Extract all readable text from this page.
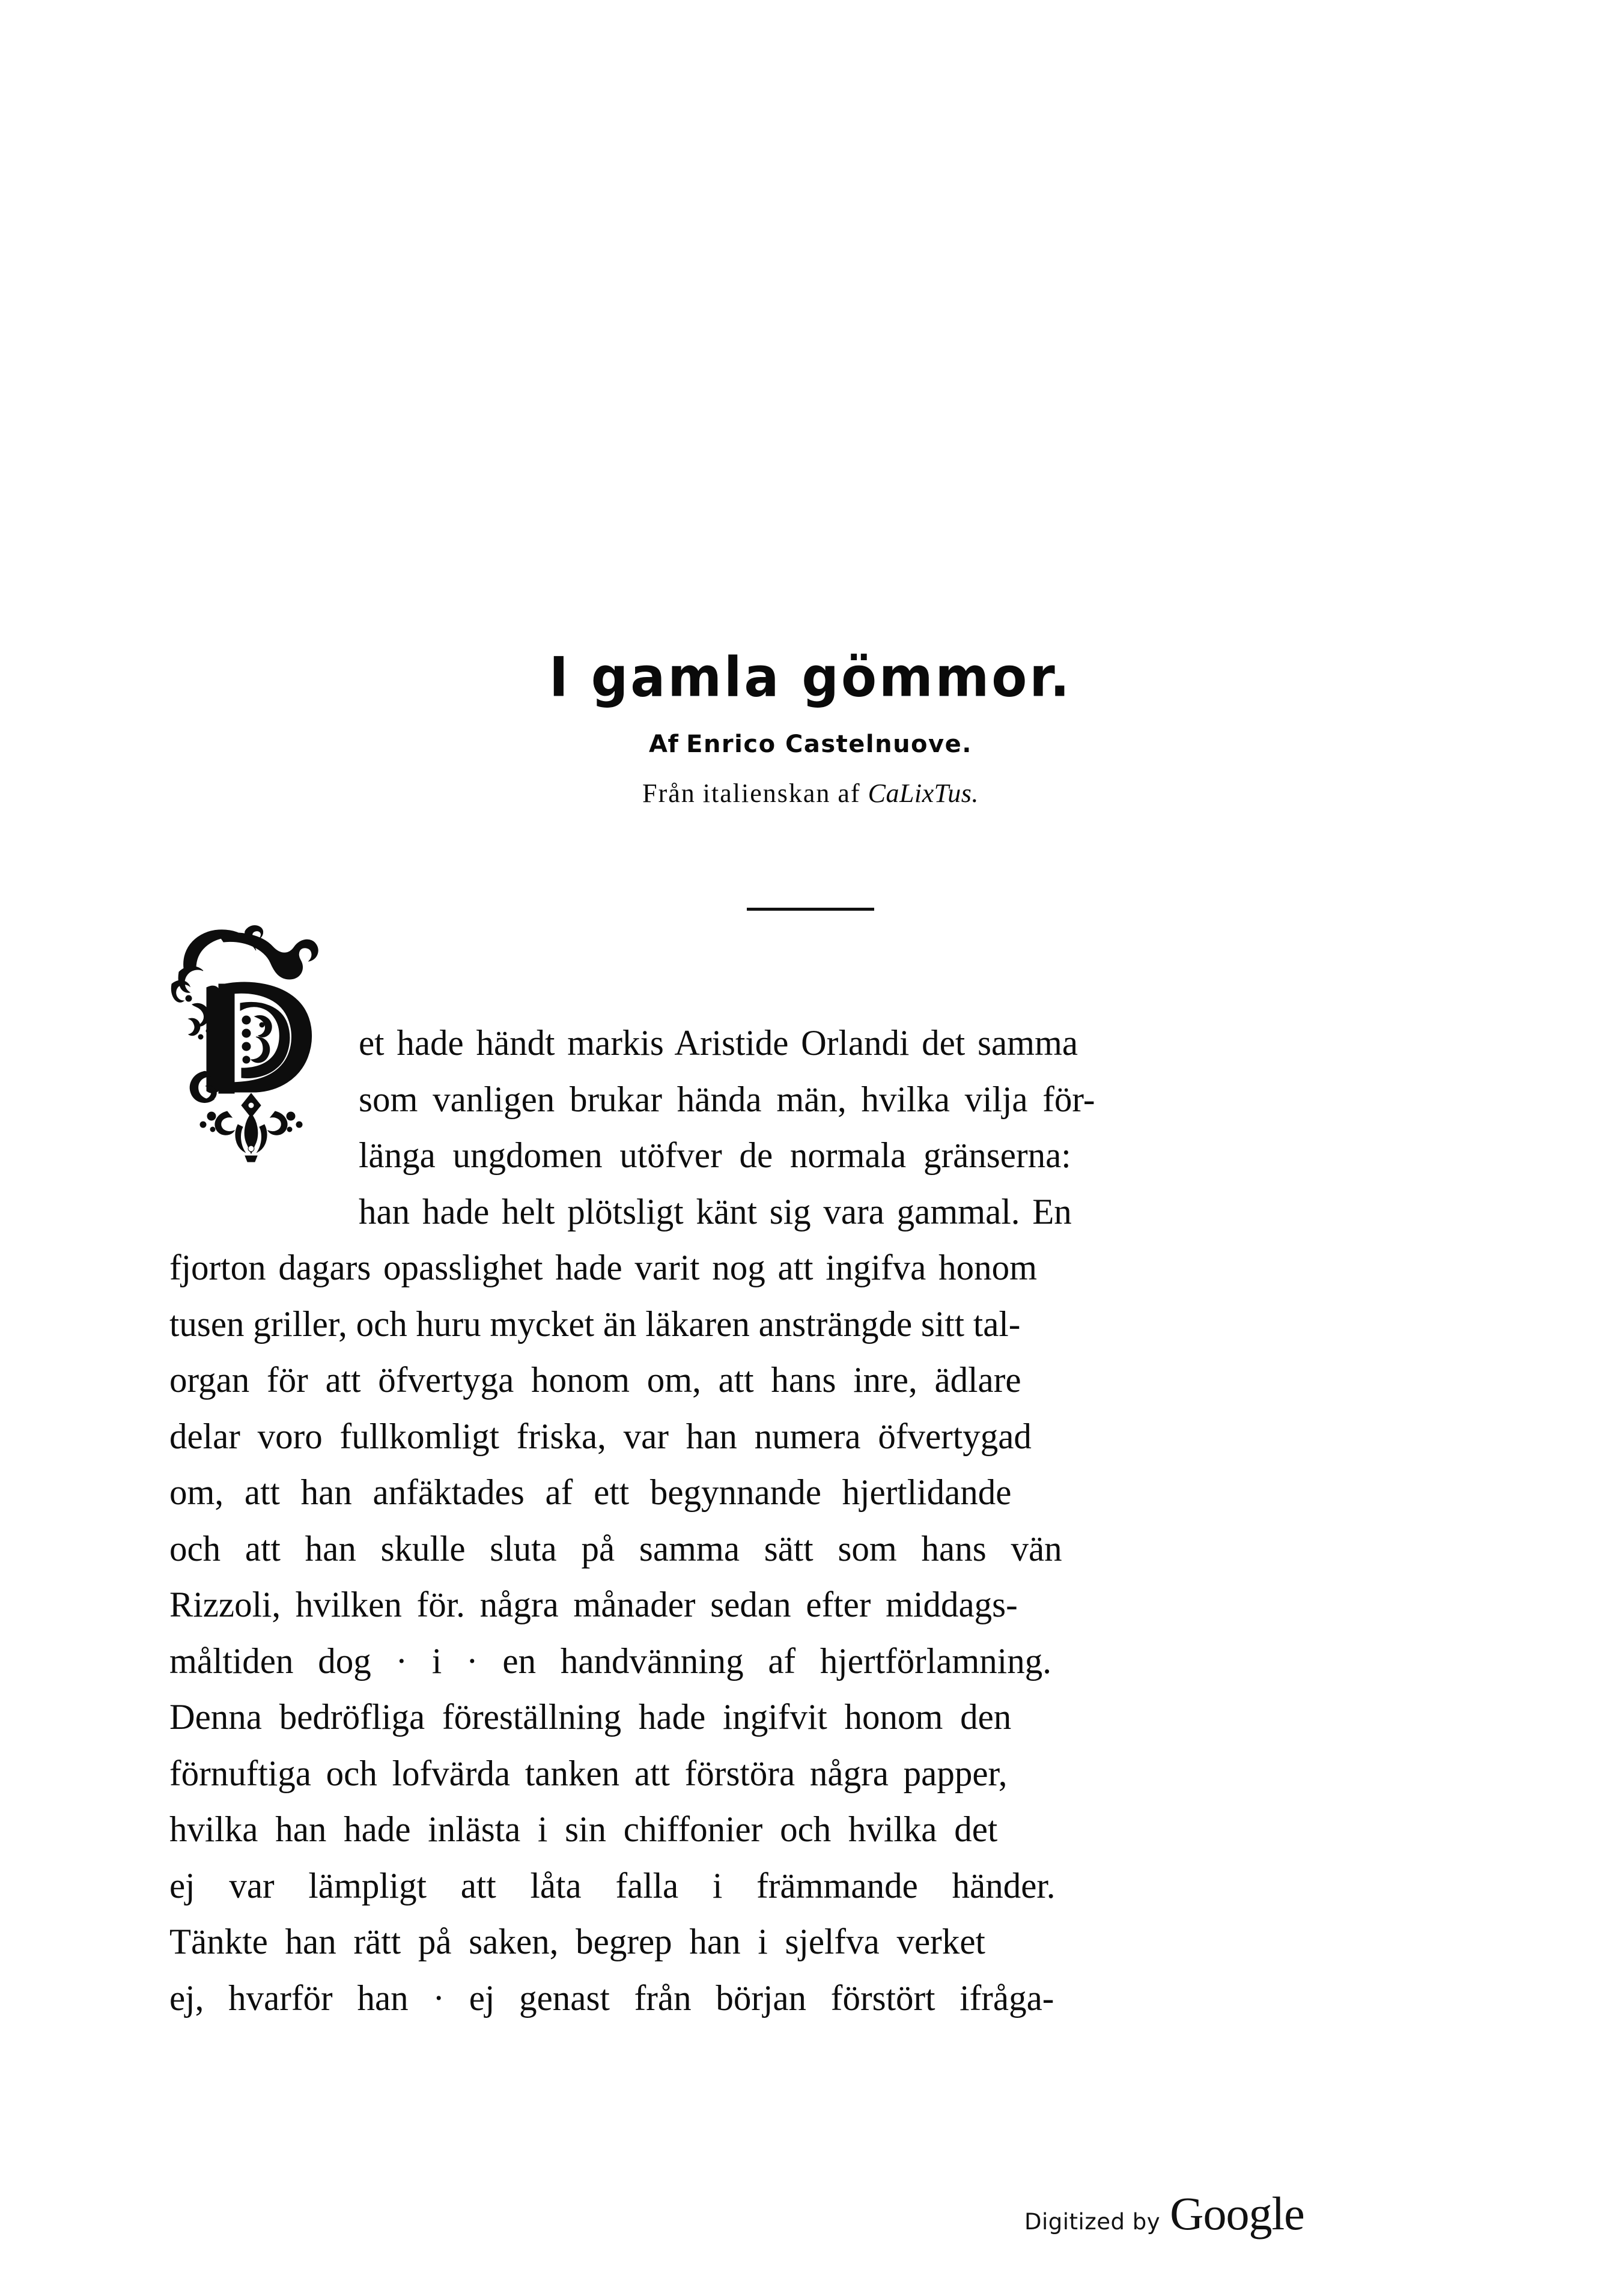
I gamla gömmor.
Af Enrico Castelnuove.
Från italienskan af CaLixTus.
et hade händt markis Aristide Orlandi det samma
som vanligen brukar hända män, hvilka vilja för-
länga ungdomen utöfver de normala gränserna:
han hade helt plötsligt känt sig vara gammal. En
fjorton dagars opasslighet hade varit nog att ingifva honom
tusen griller, och huru mycket än läkaren ansträngde sitt tal-
organ för att öfvertyga honom om, att hans inre, ädlare
delar voro fullkomligt friska, var han numera öfvertygad
om, att han anfäktades af ett begynnande hjertlidande
och att han skulle sluta på samma sätt som hans vän
Rizzoli, hvilken för. några månader sedan efter middags-
måltiden dog · i · en handvänning af hjertförlamning.
Denna bedröfliga föreställning hade ingifvit honom den
förnuftiga och lofvärda tanken att förstöra några papper,
hvilka han hade inlästa i sin chiffonier och hvilka det
ej var lämpligt att låta falla i främmande händer.
Tänkte han rätt på saken, begrep han i sjelfva verket
ej, hvarför han · ej genast från början förstört ifråga-
Digitized by Google
